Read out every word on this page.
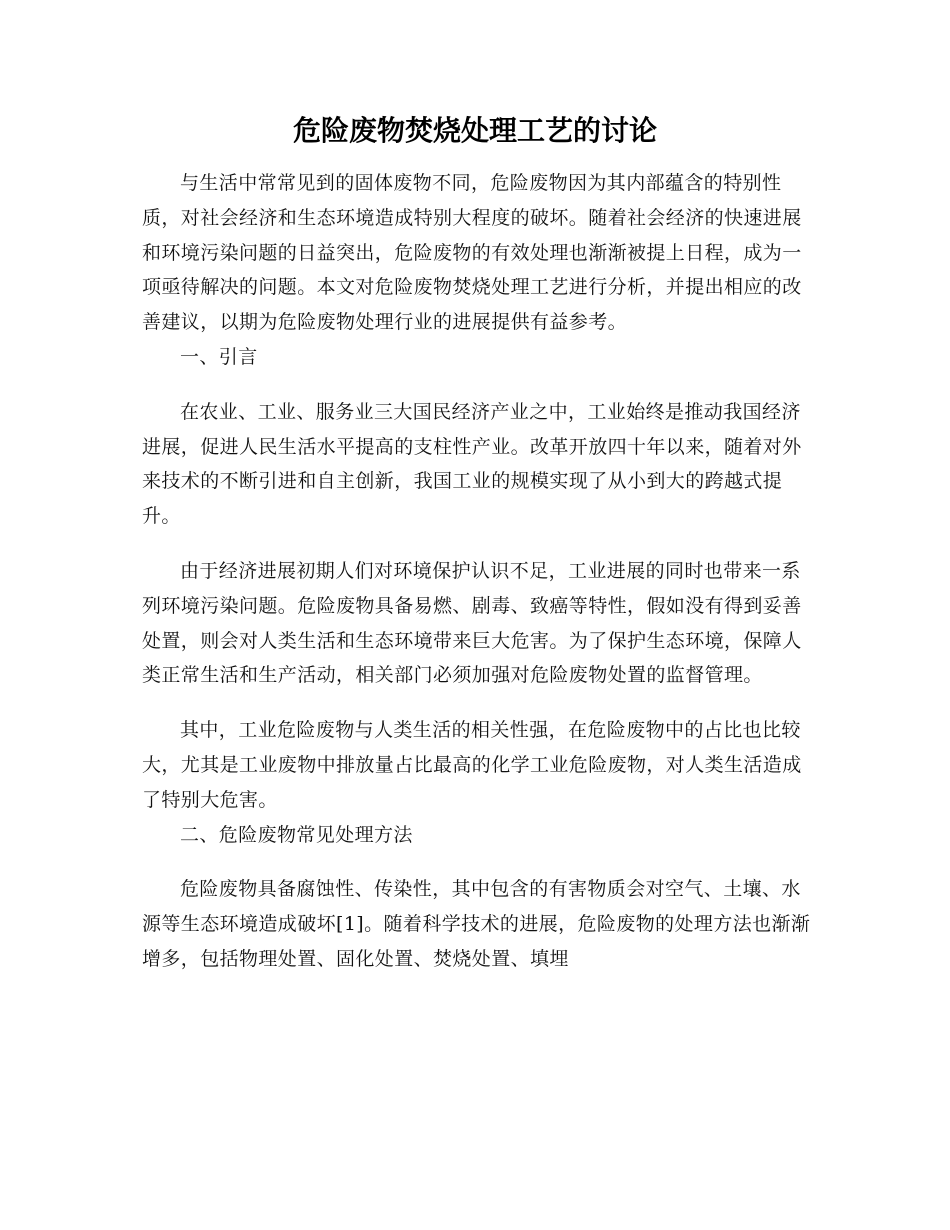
危险废物焚烧处理工艺的讨论

与生活中常常见到的固体废物不同，危险废物因为其内部蕴含的特别性质，对社会经济和生态环境造成特别大程度的破坏。随着社会经济的快速进展和环境污染问题的日益突出，危险废物的有效处理也渐渐被提上日程，成为一项亟待解决的问题。本文对危险废物焚烧处理工艺进行分析，并提出相应的改善建议，以期为危险废物处理行业的进展提供有益参考。

一、引言

在农业、工业、服务业三大国民经济产业之中，工业始终是推动我国经济进展，促进人民生活水平提高的支柱性产业。改革开放四十年以来，随着对外来技术的不断引进和自主创新，我国工业的规模实现了从小到大的跨越式提升。

由于经济进展初期人们对环境保护认识不足，工业进展的同时也带来一系列环境污染问题。危险废物具备易燃、剧毒、致癌等特性，假如没有得到妥善处置，则会对人类生活和生态环境带来巨大危害。为了保护生态环境，保障人类正常生活和生产活动，相关部门必须加强对危险废物处置的监督管理。

其中，工业危险废物与人类生活的相关性强，在危险废物中的占比也比较大，尤其是工业废物中排放量占比最高的化学工业危险废物，对人类生活造成了特别大危害。

二、危险废物常见处理方法

危险废物具备腐蚀性、传染性，其中包含的有害物质会对空气、土壤、水源等生态环境造成破坏[1]。随着科学技术的进展，危险废物的处理方法也渐渐增多，包括物理处置、固化处置、焚烧处置、填埋
